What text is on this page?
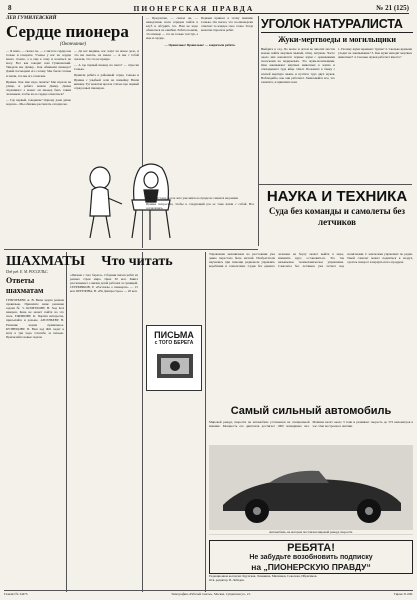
8	ПИОНЕРСКАЯ ПРАВДА	№ 21 (125)
ЛЕВ ГУМИЛЕВСКИЙ
Сердце пионера
(Окончание)

— Я знаю, — сказал он, — о чистоте сердца вы только и говорите. Ученье у нас на сердце много стоило, а я еще к тому и возиться не могу. Вот как говорит нам Гумилевский. Увидели мы Демку... Как обвиняли пионера? Давай поговорим его голову. Мы были готовы и знали, что мы его отошлем.

Иринка. Как мне надо понять? Мы играли на улице, и ребята нашли Демку. Демка спрашивал: а может ли пионер быть таким человеком, чтобы из-за сердца отказаться?

— Где первый, говоришь? Одному дома давно хорошо... Мы обязаны рассказать сегодня же.

— Да вот видишь, нас зовут на новое дело, и что им сказать, не знаем. — А мы с тобой сказали, что это не правда.

— А где первый пионер на свете? — спросил Сенька.

Пришли ребята в районный отряд. Сенька и Иринка с улыбкой сели на скамейку. Взяли книжку. Тут вожатая прочла статью про первый отряд юных пионеров.

— Предлагаю, — сказал он, — немедленно всем отрядом пойти в клуб и обсудить это. Нам не надо обижаться на ошибки. Ребята поняли, что пионер — это не только галстук, а еще и сердце.

Первым пришел к этому мнению Сенька. Он сказал, что по-пионерски отвечает за каждое свое слово. Тогда вожатая спросила ребят.

— Правильно! Правильно! — закричали ребята.

Льву Толстому, после чего уже никто в отряде не смеялся над ними.

Иринка попросила, чтобы в следующий раз ее тоже взяли с собой. Все согласились.

ШАХМАТЫ
Под ред. Е. М. РОССЕЛЬС.
Ответы шахматам

ГРИГОРЬЕВУ, А. В. Ваша задача решена правильно. Пришлите ваше решение задачи № 5. КОЧЕТКОВУ, Н. Ход Kc4 неверен, Конь не может пойти на это поле. ЕФИМОВУ, К. Партия интересна, присылайте и дальше. АРСЕНЬЕВУ, Н. Решение задачи правильное. КУЗНЕЦОВУ, П. Ваш ход Фd1 ведет к мату в три хода. Спасибо за письмо. Присылайте новые задачи.

Что читать

«Письма с того берега». Сборник писем ребят из разных стран мира. Цена 30 коп. Книга рассказывает о жизни детей рабочих за границей. СЕРЕБРЯКОВ, Р. «Рассказы о пионерах» — 15 коп. БЕРЕЗИНА, В. «На Днепрострое» — 20 коп.

ПИСЬМА
с ТОГО БЕРЕГА
УГОЛОК НАТУРАЛИСТА
Жуки-мертвоеды и могильщики

Выйдите в сад. По весне и летом во многих местах можно найти мертвых мышей, птиц, лягушек. Часто около них копошатся черные жуки с оранжевыми полосками на надкрыльях. Это жуки-могильщики. Они закапывают мертвых животных в землю и откладывают туда яйца. Опыт. Положите в банку с землей мертвую мышь и пустите туда двух жуков. Наблюдайте, как они работают. Записывайте все, что заметите, и пришлите нам.

1. Почему жуки зарывают трупы? 2. Сколько времени уходит на закапывание? 3. Как жуки находят мертвых животных? 4. Сколько жуков работает вместе?

НАУКА И ТЕХНИКА
Суда без команды и самолеты без летчиков

Управление механизмом на расстоянии уже давно перестало быть мечтой. Изобретатели научились при помощи радиоволн управлять кораблями и самолетами. Судно без единого человека на борту может выйти в море, изменить курс, остановиться. Это так называемое телемеханическое управление. Самолеты без летчиков уже летают над полигонами. С земли ими управляют по радио. Такой самолет может подняться в воздух, сделать поворот и вернуться на аэродром.

Самый сильный автомобиль

Мировой рекорд скорости на автомобиле установлен на специальной машине. Мощность его двигателя достигает 1000 лошадиных сил. Машина весит около 3 тонн и развивает скорость до 372 километров в час. Она построена в Англии.

Автомобиль, на котором поставлен мировой рекорд скорости.

РЕБЯТА!
Не забудьте возобновить подписку
на „ПИОНЕРСКУЮ ПРАВДУ“

Редакционная коллегия: Крупская, Ломакина, Мясников, Соколова, Ибрагимов.

Отв. редактор И. Лебедев.

Главлит № 34475.	Типография «Рабочей газеты». Москва. Сущевская ул., 21.	Тираж 31.000.
